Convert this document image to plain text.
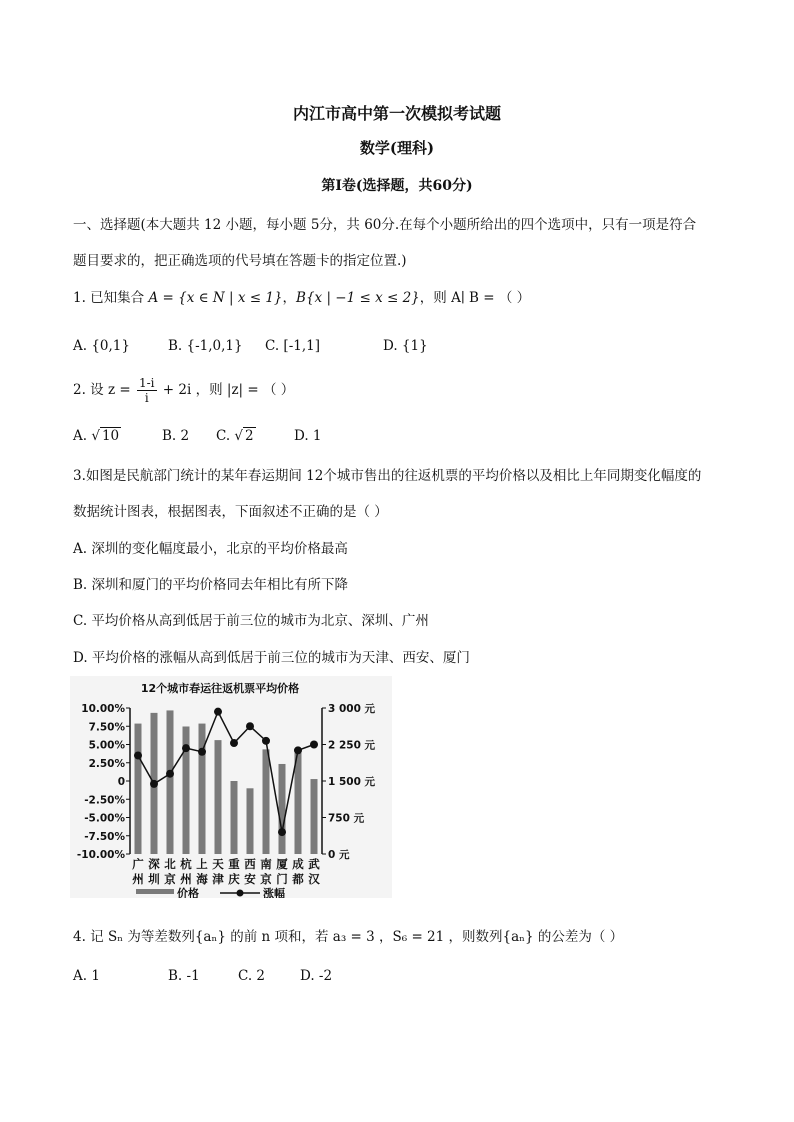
内江市高中第一次模拟考试题
数学(理科)
第I卷(选择题，共60分)
一、选择题(本大题共 12 小题，每小题 5分，共 60分.在每个小题所给出的四个选项中，只有一项是符合
题目要求的，把正确选项的代号填在答题卡的指定位置.)
1. 已知集合 A = {x ∈ N | x ≤ 1}，B{x | −1 ≤ x ≤ 2}，则 A∣ B = （ ）
A. {0,1}	B. {-1,0,1} C. [-1,1]	D. {1}
2. 设 $z = \frac{1-i}{i} + 2i$ ，则 |z| = （ ）
A. √ 10	B. 2 C. √ 2	D. 1
3.如图是民航部门统计的某年春运期间 12个城市售出的往返机票的平均价格以及相比上年同期变化幅度的
数据统计图表，根据图表，下面叙述不正确的是（ ）
A. 深圳的变化幅度最小，北京的平均价格最高
B. 深圳和厦门的平均价格同去年相比有所下降
C. 平均价格从高到低居于前三位的城市为北京、深圳、广州
D. 平均价格的涨幅从高到低居于前三位的城市为天津、西安、厦门
12个城市春运往返机票平均价格
10.00%
7.50%
5.00%
2.50%
0
-2.50%
-5.00%
-7.50%
-10.00%
3 000 元
2 250 元
1 500 元
750 元
0 元
广
州
深
圳
北
京
杭
州
上
海
天
津
重
庆
西
安
南
京
厦
门
成
都
武
汉
价格	涨幅
4. 记 Sₙ 为等差数列{aₙ} 的前 n 项和，若 a₃ = 3 ，S₆ = 21 ，则数列{aₙ} 的公差为（ ）
A. 1	B. -1	C. 2	D. -2
